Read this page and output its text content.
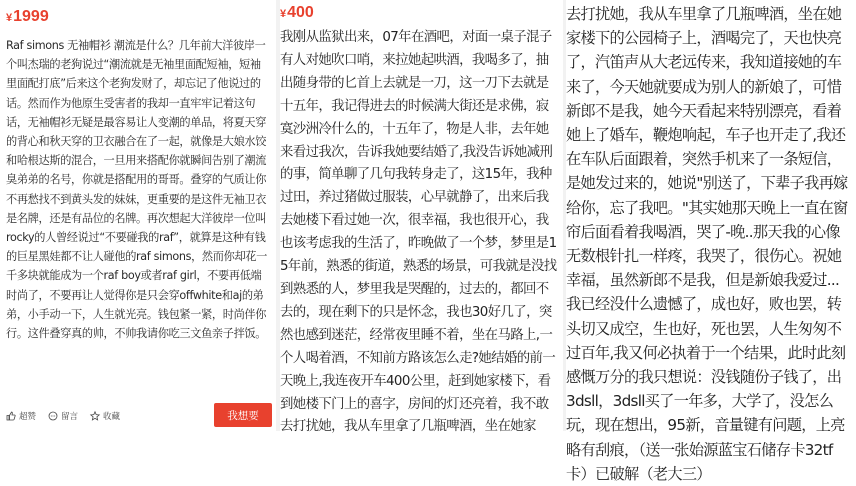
¥1999
Raf simons 无袖帽衫 潮流是什么？几年前大洋彼岸一个叫杰瑞的老狗说过“潮流就是无袖里面配短袖，短袖里面配打底”后来这个老狗发财了，却忘记了他说过的话。然而作为他原生受害者的我却一直牢牢记着这句话，无袖帽衫无疑是最容易让人变潮的单品，将夏天穿的背心和秋天穿的卫衣融合在了一起，就像是大娘水饺和哈根达斯的混合，一旦用来搭配你就瞬间告别了潮流臭弟弟的名号，你就是搭配用的哥哥。叠穿的气质让你不再愁找不到黄头发的妹妹，更重要的是这件无袖卫衣是名牌，还是有品位的名牌。再次想起大洋彼岸一位叫rocky的人曾经说过“不要碰我的raf”，就算是这种有钱的巨星黑娃都不让人碰他的raf simons，然而你却花一千多块就能成为一个raf boy或者raf girl，不要再低端时尚了，不要再让人觉得你是只会穿offwhite和aj的弟弟，小手动一下，人生就光亮。钱包紧一紧，时尚伴你行。这件叠穿真的帅，不帅我请你吃三文鱼亲子拌饭。
超赞	留言	收藏	我想要
¥400
我刚从监狱出来，07年在酒吧，对面一桌子混子有人对她吹口哨，来拉她起哄酒，我喝多了，抽出随身带的匕首上去就是一刀，这一刀下去就是十五年，我记得进去的时候满大街还是求佛，寂寞沙洲冷什么的，十五年了，物是人非，去年她来看过我次，告诉我她要结婚了,我没告诉她减刑的事，简单聊了几句我转身走了，这15年，我种过田，养过猪做过服装，心早就静了，出来后我去她楼下看过她一次，很幸福，我也很开心，我也该考虑我的生活了，昨晚做了一个梦，梦里是15年前，熟悉的街道，熟悉的场景，可我就是没找到熟悉的人，梦里我是哭醒的，过去的，都回不去的，现在剩下的只是怀念，我也30好几了，突然也感到迷茫，经常夜里睡不着，坐在马路上,一个人喝着酒，不知前方路该怎么走?她结婚的前一天晚上,我连夜开车400公里，赶到她家楼下，看到她楼下门上的喜字，房间的灯还亮着，我不敢去打扰她，我从车里拿了几瓶啤酒，坐在她家
去打扰她，我从车里拿了几瓶啤酒，坐在她家楼下的公园椅子上，酒喝完了，天也快亮了，汽笛声从大老远传来，我知道接她的车来了，今天她就要成为别人的新娘了，可惜新郎不是我，她今天看起来特别漂亮，看着她上了婚车，鞭炮响起，车子也开走了,我还在车队后面跟着，突然手机来了一条短信，是她发过来的，她说"别送了，下辈子我再嫁给你，忘了我吧。"其实她那天晚上一直在窗帘后面看着我喝酒，哭了-晚..那天我的心像无数根针扎一样疼，我哭了，很伤心。祝她幸福，虽然新郎不是我，但是新娘我爱过...我已经没什么遗憾了，成也好，败也罢，转头切又成空，生也好，死也罢，人生匆匆不过百年,我又何必执着于一个结果，此时此刻感慨万分的我只想说：没钱随份子钱了，出3dsll，3dsll买了一年多，大学了，没怎么玩，现在想出，95新，音量键有问题，上亮略有刮痕，（送一张始源蓝宝石储存卡32tf卡）已破解（老大三）
